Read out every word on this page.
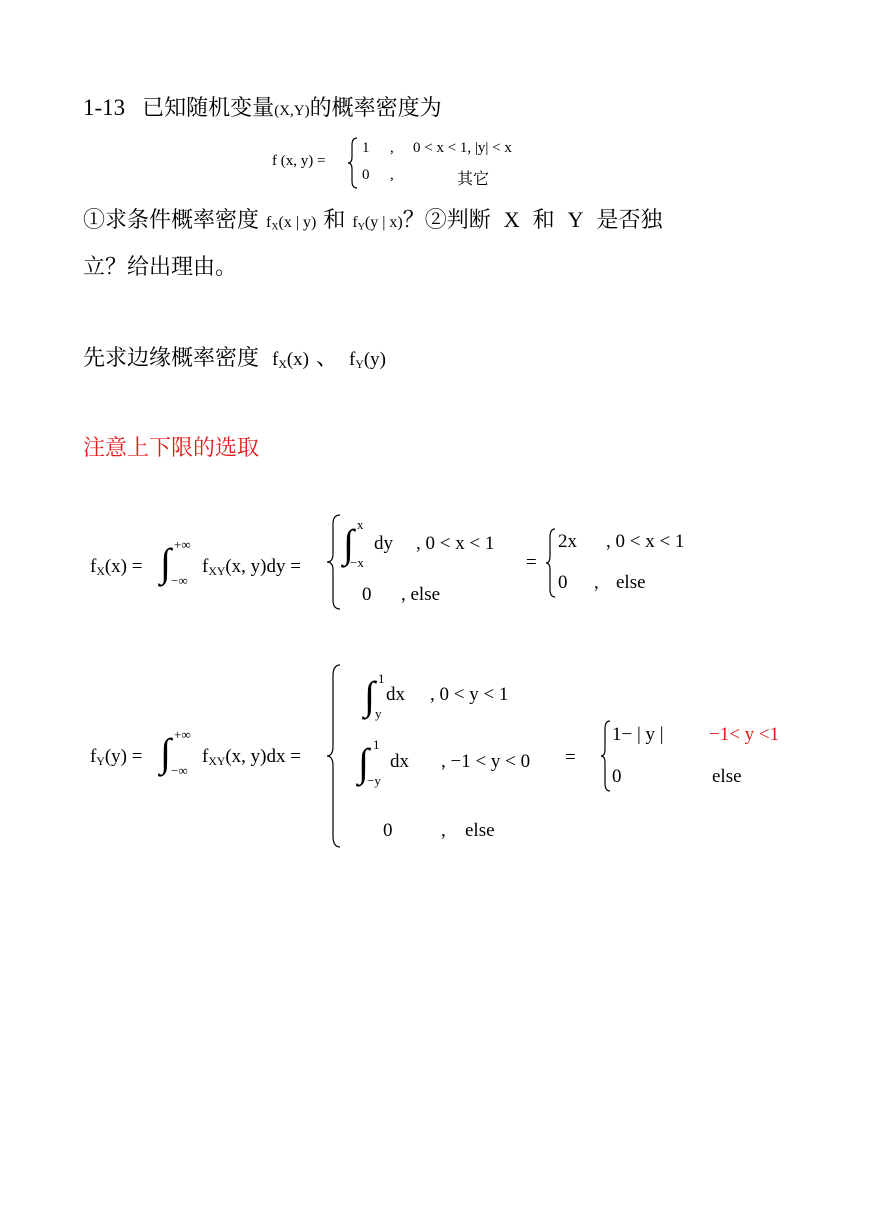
1-13 已知随机变量(X,Y)的概率密度为
f (x, y) =
1 , 0 < x < 1, |y| < x
0 ,	其它
①求条件概率密度 $f_X(x$ | y) 和 $f_Y(y$ | x)？②判断 X 和 Y 是否独
立？给出理由。
先求边缘概率密度 $f_X(x)$ 、 $f_Y(y)$
注意上下限的选取
$f_X(x)$ = ∫ +∞
−∞
$f_{XY}(x$, y)dy =
∫ x
−x
dy , 0 < x < 1
0 , else
=
2x , 0 < x < 1
0 , else
$f_Y(y)$ = ∫ +∞
−∞
$f_{XY}(x$, y)dx =
∫ 1
y
dx , 0 < y < 1
∫ 1
−y
dx , −1 < y < 0
0	, else
=
1− | y | −1< y <1
0	else
